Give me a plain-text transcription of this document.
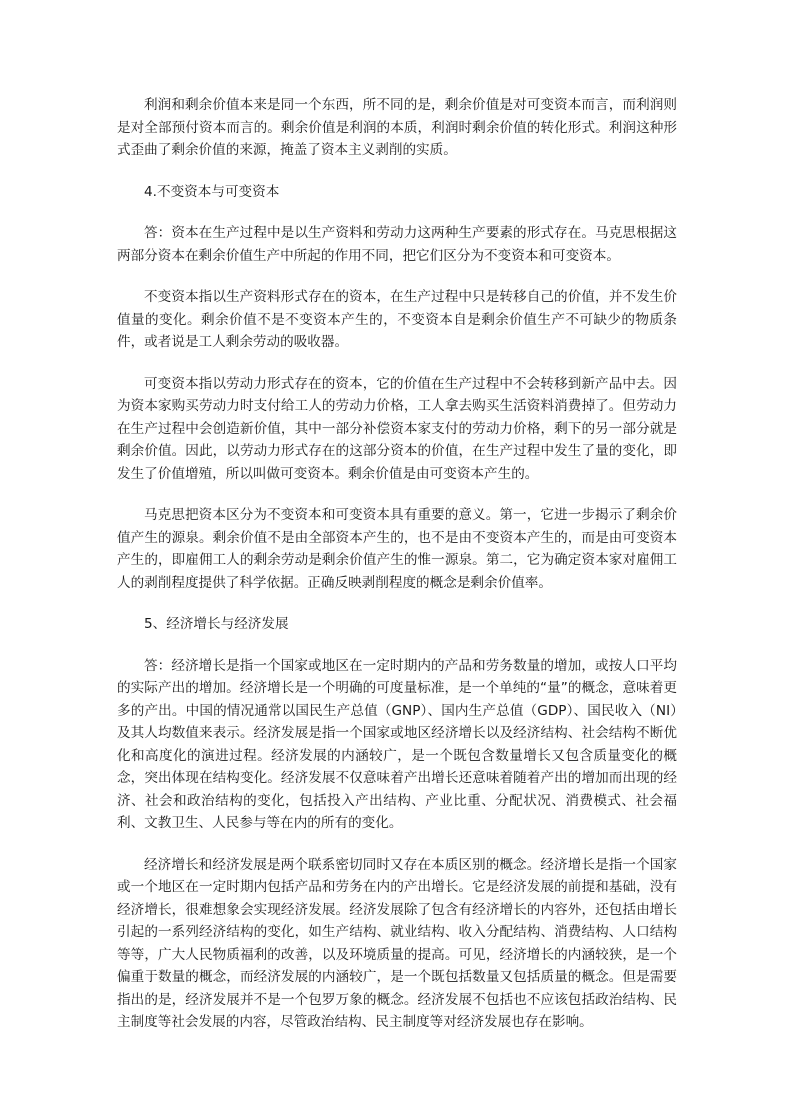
利润和剩余价值本来是同一个东西，所不同的是，剩余价值是对可变资本而言，而利润则是对全部预付资本而言的。剩余价值是利润的本质，利润时剩余价值的转化形式。利润这种形式歪曲了剩余价值的来源，掩盖了资本主义剥削的实质。

4.不变资本与可变资本

答：资本在生产过程中是以生产资料和劳动力这两种生产要素的形式存在。马克思根据这两部分资本在剩余价值生产中所起的作用不同，把它们区分为不变资本和可变资本。

不变资本指以生产资料形式存在的资本，在生产过程中只是转移自己的价值，并不发生价值量的变化。剩余价值不是不变资本产生的，不变资本自是剩余价值生产不可缺少的物质条件，或者说是工人剩余劳动的吸收器。

可变资本指以劳动力形式存在的资本，它的价值在生产过程中不会转移到新产品中去。因为资本家购买劳动力时支付给工人的劳动力价格，工人拿去购买生活资料消费掉了。但劳动力在生产过程中会创造新价值，其中一部分补偿资本家支付的劳动力价格，剩下的另一部分就是剩余价值。因此，以劳动力形式存在的这部分资本的价值，在生产过程中发生了量的变化，即发生了价值增殖，所以叫做可变资本。剩余价值是由可变资本产生的。

马克思把资本区分为不变资本和可变资本具有重要的意义。第一，它进一步揭示了剩余价值产生的源泉。剩余价值不是由全部资本产生的，也不是由不变资本产生的，而是由可变资本产生的，即雇佣工人的剩余劳动是剩余价值产生的惟一源泉。第二，它为确定资本家对雇佣工人的剥削程度提供了科学依据。正确反映剥削程度的概念是剩余价值率。

5、经济增长与经济发展

答：经济增长是指一个国家或地区在一定时期内的产品和劳务数量的增加，或按人口平均的实际产出的增加。经济增长是一个明确的可度量标准，是一个单纯的“量”的概念，意味着更多的产出。中国的情况通常以国民生产总值（GNP）、国内生产总值（GDP）、国民收入（NI）及其人均数值来表示。经济发展是指一个国家或地区经济增长以及经济结构、社会结构不断优化和高度化的演进过程。经济发展的内涵较广，是一个既包含数量增长又包含质量变化的概念，突出体现在结构变化。经济发展不仅意味着产出增长还意味着随着产出的增加而出现的经济、社会和政治结构的变化，包括投入产出结构、产业比重、分配状况、消费模式、社会福利、文教卫生、人民参与等在内的所有的变化。

经济增长和经济发展是两个联系密切同时又存在本质区别的概念。经济增长是指一个国家或一个地区在一定时期内包括产品和劳务在内的产出增长。它是经济发展的前提和基础，没有经济增长，很难想象会实现经济发展。经济发展除了包含有经济增长的内容外，还包括由增长引起的一系列经济结构的变化，如生产结构、就业结构、收入分配结构、消费结构、人口结构等等，广大人民物质福利的改善，以及环境质量的提高。可见，经济增长的内涵较狭，是一个偏重于数量的概念，而经济发展的内涵较广，是一个既包括数量又包括质量的概念。但是需要指出的是，经济发展并不是一个包罗万象的概念。经济发展不包括也不应该包括政治结构、民主制度等社会发展的内容，尽管政治结构、民主制度等对经济发展也存在影响。
